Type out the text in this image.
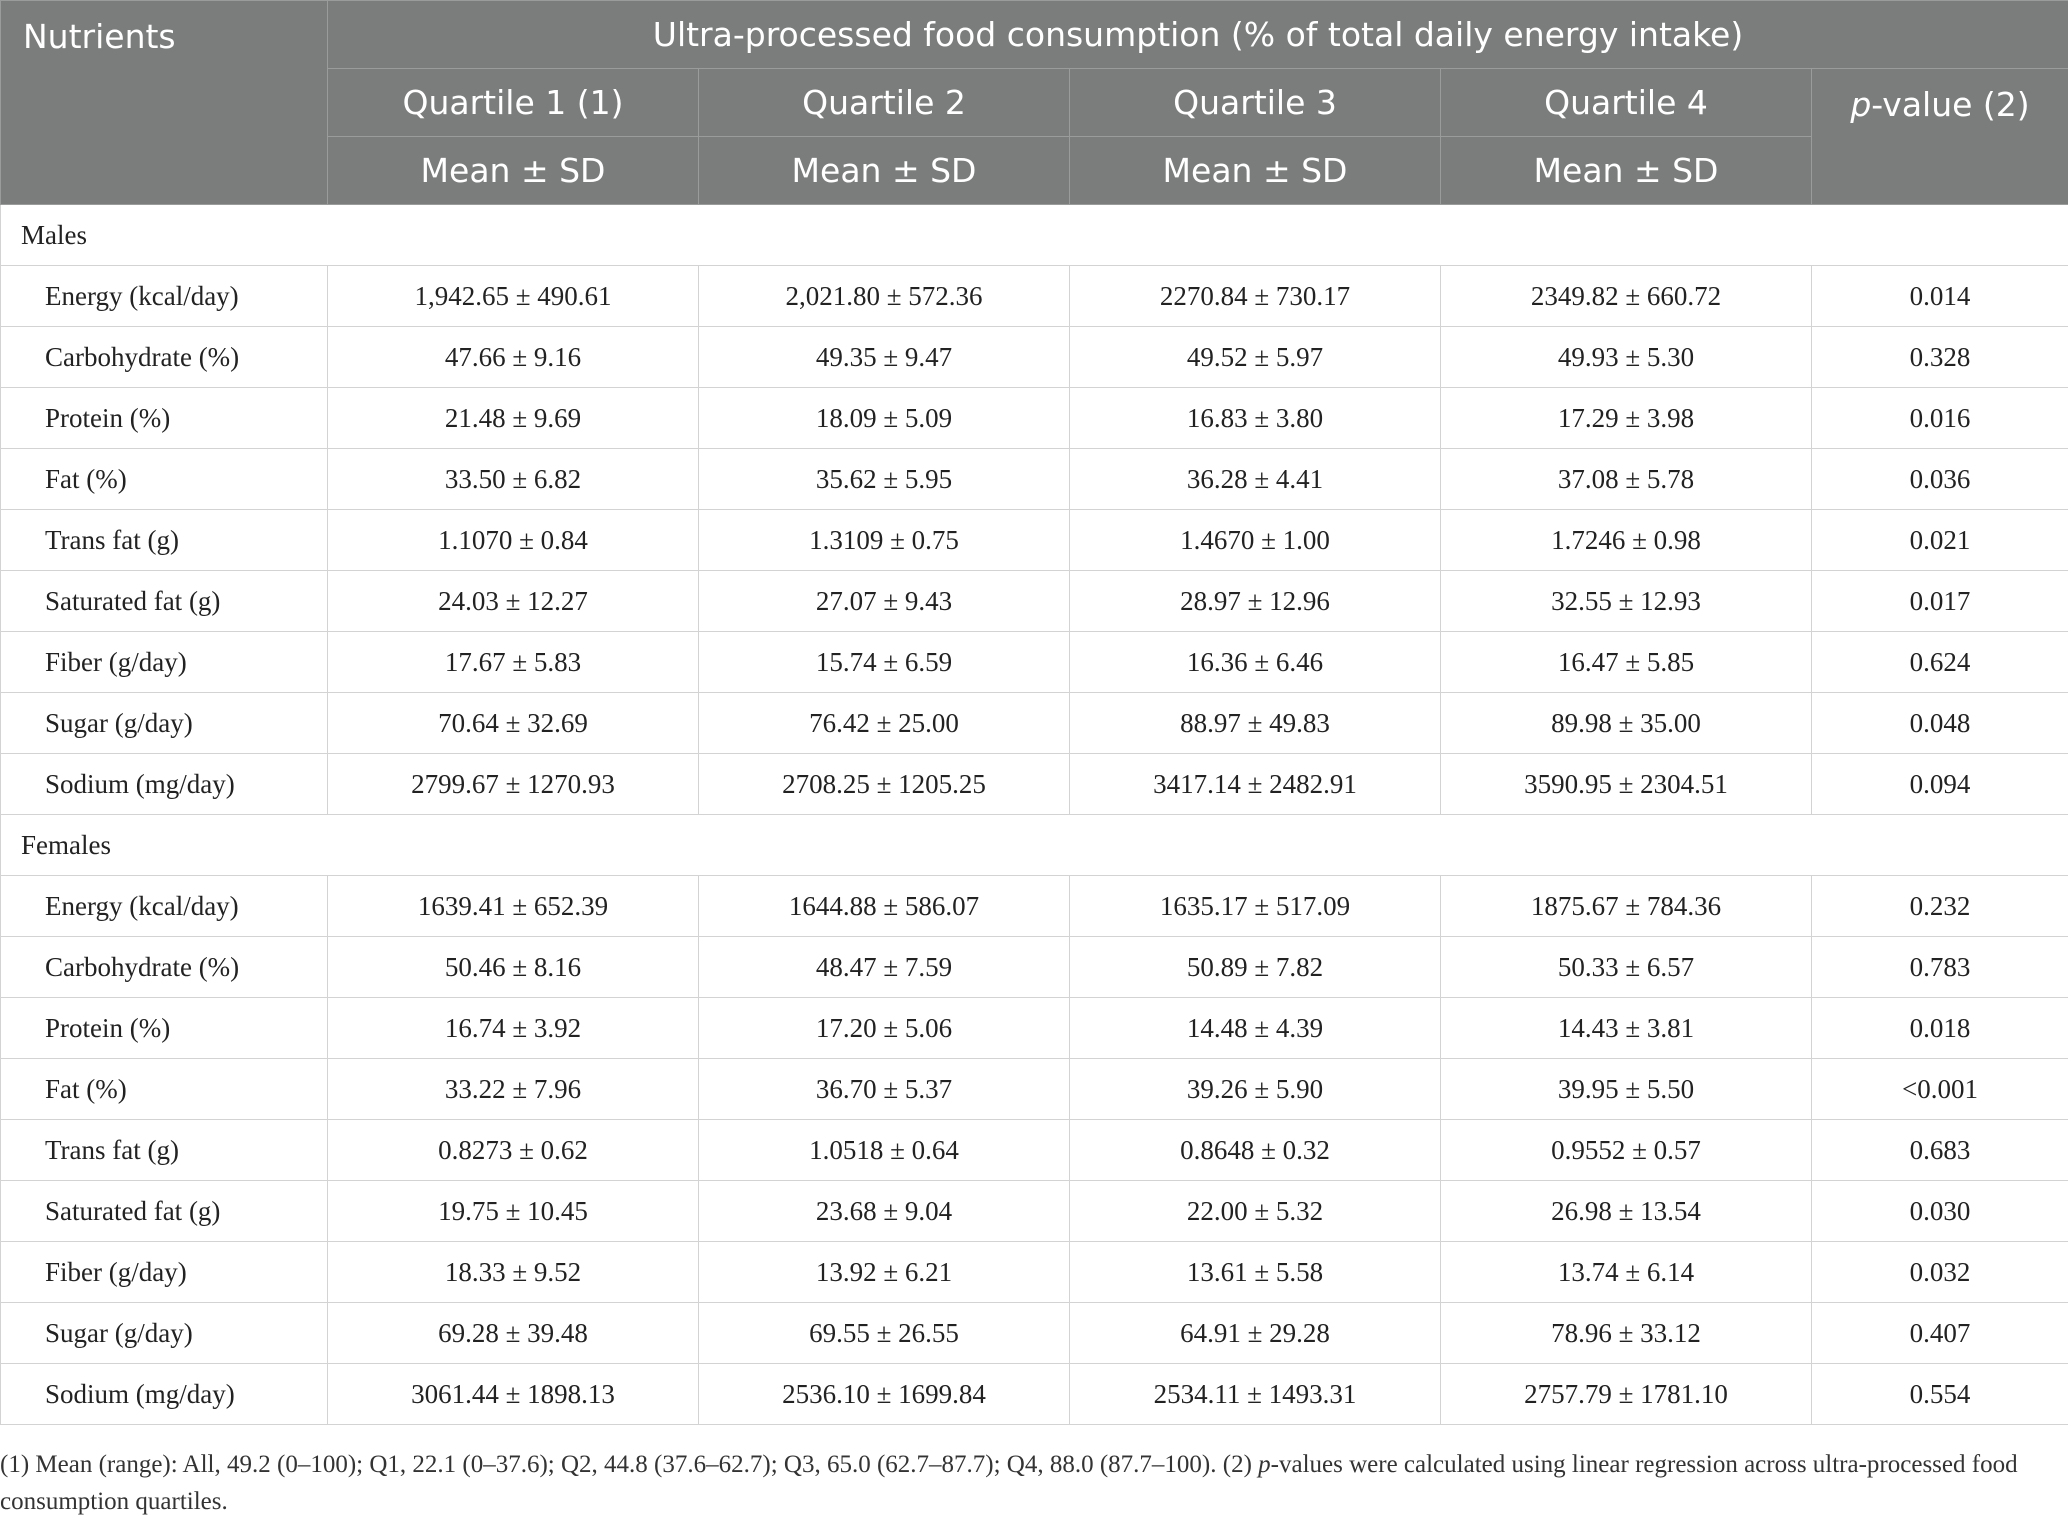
Nutrients	Ultra-processed food consumption (% of total daily energy intake)				
	Quartile 1 (1)	Quartile 2	Quartile 3	Quartile 4	p-value (2)
	Mean ± SD	Mean ± SD	Mean ± SD	Mean ± SD	
Males					
Energy (kcal/day)	1,942.65 ± 490.61	2,021.80 ± 572.36	2270.84 ± 730.17	2349.82 ± 660.72	0.014
Carbohydrate (%)	47.66 ± 9.16	49.35 ± 9.47	49.52 ± 5.97	49.93 ± 5.30	0.328
Protein (%)	21.48 ± 9.69	18.09 ± 5.09	16.83 ± 3.80	17.29 ± 3.98	0.016
Fat (%)	33.50 ± 6.82	35.62 ± 5.95	36.28 ± 4.41	37.08 ± 5.78	0.036
Trans fat (g)	1.1070 ± 0.84	1.3109 ± 0.75	1.4670 ± 1.00	1.7246 ± 0.98	0.021
Saturated fat (g)	24.03 ± 12.27	27.07 ± 9.43	28.97 ± 12.96	32.55 ± 12.93	0.017
Fiber (g/day)	17.67 ± 5.83	15.74 ± 6.59	16.36 ± 6.46	16.47 ± 5.85	0.624
Sugar (g/day)	70.64 ± 32.69	76.42 ± 25.00	88.97 ± 49.83	89.98 ± 35.00	0.048
Sodium (mg/day)	2799.67 ± 1270.93	2708.25 ± 1205.25	3417.14 ± 2482.91	3590.95 ± 2304.51	0.094
Females					
Energy (kcal/day)	1639.41 ± 652.39	1644.88 ± 586.07	1635.17 ± 517.09	1875.67 ± 784.36	0.232
Carbohydrate (%)	50.46 ± 8.16	48.47 ± 7.59	50.89 ± 7.82	50.33 ± 6.57	0.783
Protein (%)	16.74 ± 3.92	17.20 ± 5.06	14.48 ± 4.39	14.43 ± 3.81	0.018
Fat (%)	33.22 ± 7.96	36.70 ± 5.37	39.26 ± 5.90	39.95 ± 5.50	<0.001
Trans fat (g)	0.8273 ± 0.62	1.0518 ± 0.64	0.8648 ± 0.32	0.9552 ± 0.57	0.683
Saturated fat (g)	19.75 ± 10.45	23.68 ± 9.04	22.00 ± 5.32	26.98 ± 13.54	0.030
Fiber (g/day)	18.33 ± 9.52	13.92 ± 6.21	13.61 ± 5.58	13.74 ± 6.14	0.032
Sugar (g/day)	69.28 ± 39.48	69.55 ± 26.55	64.91 ± 29.28	78.96 ± 33.12	0.407
Sodium (mg/day)	3061.44 ± 1898.13	2536.10 ± 1699.84	2534.11 ± 1493.31	2757.79 ± 1781.10	0.554
(1) Mean (range): All, 49.2 (0–100); Q1, 22.1 (0–37.6); Q2, 44.8 (37.6–62.7); Q3, 65.0 (62.7–87.7); Q4, 88.0 (87.7–100). (2) p-values were calculated using linear regression across ultra-processed food consumption quartiles.
